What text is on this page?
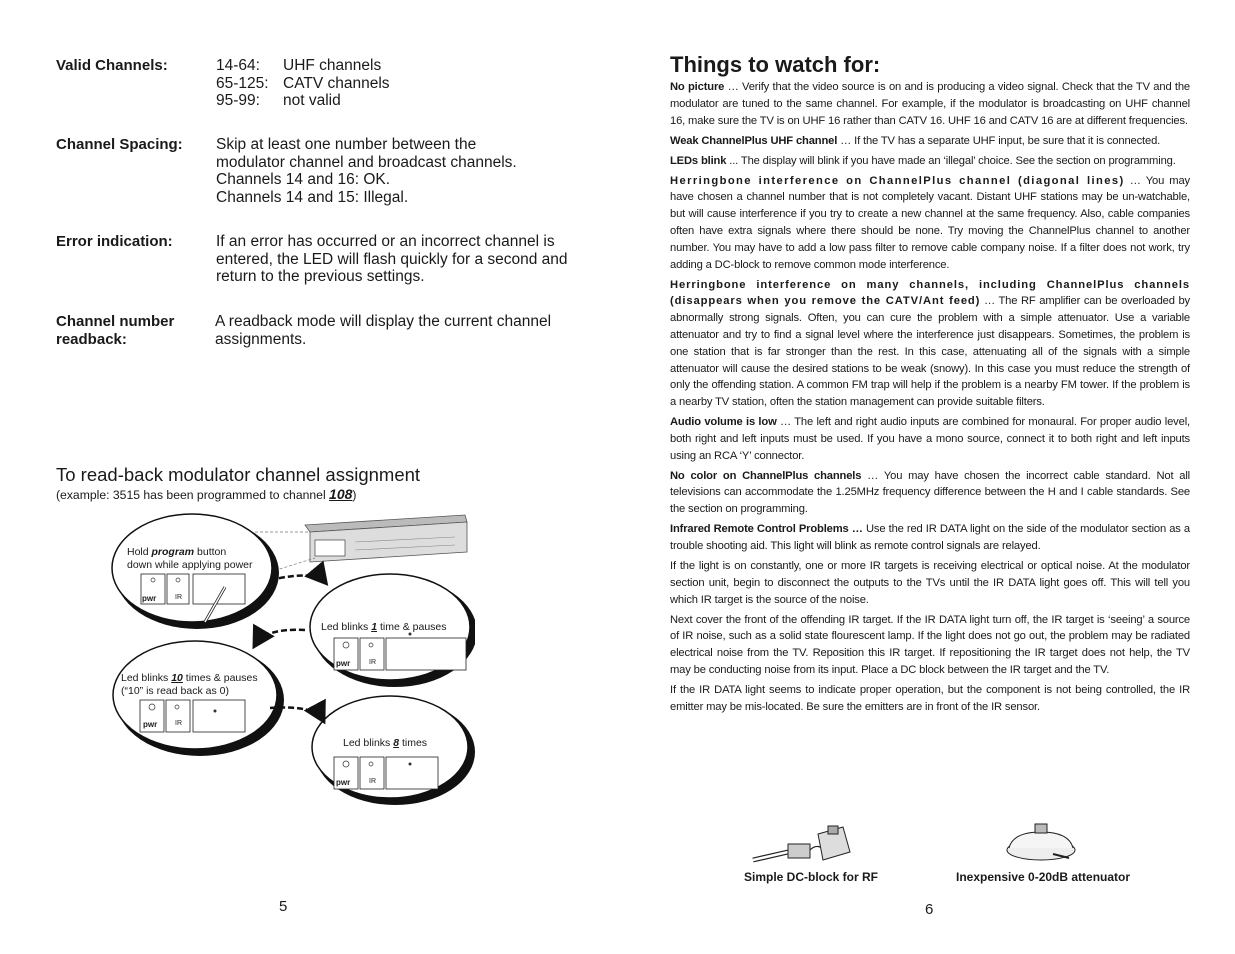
Valid Channels:	14-64:	UHF channels
65-125: CATV channels
95-99:	not valid
Channel Spacing: Skip at least one number between the
modulator channel and broadcast channels.
Channels 14 and 16: OK.
Channels 14 and 15: Illegal.
Error indication:	If an error has occurred or an incorrect channel is
entered, the LED will flash quickly for a second and
return to the previous settings.
Channel number
readback:
A readback mode will display the current channel
assignments.
To read-back modulator channel assignment
(example: 3515 has been programmed to channel 108)
Hold program button
down while applying power
Led blinks 1 time & pauses
Led blinks 10 times & pauses
(“10” is read back as 0)
Led blinks 8 times
pwr	IR
pwr	IR
pwr	IR
pwr	IR
5
Things to watch for:

No picture … Verify that the video source is on and is producing a video signal. Check that the TV and the modulator are tuned to the same channel. For example, if the modulator is broadcasting on UHF channel 16, make sure the TV is on UHF 16 rather than CATV 16. UHF 16 and CATV 16 are at different frequencies.

Weak ChannelPlus UHF channel … If the TV has a separate UHF input, be sure that it is connected.

LEDs blink ... The display will blink if you have made an ‘illegal’ choice. See the section on programming.

Herringbone interference on ChannelPlus channel (diagonal lines) … You may have chosen a channel number that is not completely vacant. Distant UHF stations may be un-watchable, but will cause interference if you try to create a new channel at the same frequency. Also, cable companies often have extra signals where there should be none. Try moving the ChannelPlus channel to another number. You may have to add a low pass filter to remove cable company noise. If a filter does not work, try adding a DC-block to remove common mode interference.

Herringbone interference on many channels, including ChannelPlus channels (disappears when you remove the CATV/Ant feed) … The RF amplifier can be overloaded by abnormally strong signals. Often, you can cure the problem with a simple attenuator. Use a variable attenuator and try to find a signal level where the interference just disappears. Sometimes, the problem is one station that is far stronger than the rest. In this case, attenuating all of the signals with a simple attenuator will cause the desired stations to be weak (snowy). In this case you must reduce the strength of only the offending station. A common FM trap will help if the problem is a nearby FM tower. If the problem is a nearby TV station, often the station management can provide suitable filters.

Audio volume is low … The left and right audio inputs are combined for monaural. For proper audio level, both right and left inputs must be used. If you have a mono source, connect it to both right and left inputs using an RCA ‘Y’ connector.

No color on ChannelPlus channels … You may have chosen the incorrect cable standard. Not all televisions can accommodate the 1.25MHz frequency difference between the H and I cable standards. See the section on programming.

Infrared Remote Control Problems … Use the red IR DATA light on the side of the modulator section as a trouble shooting aid. This light will blink as remote control signals are relayed.

If the light is on constantly, one or more IR targets is receiving electrical or optical noise. At the modulator section unit, begin to disconnect the outputs to the TVs until the IR DATA light goes off. This will tell you which IR target is the source of the noise.

Next cover the front of the offending IR target. If the IR DATA light turn off, the IR target is ‘seeing’ a source of IR noise, such as a solid state flourescent lamp. If the light does not go out, the problem may be radiated electrical noise from the TV. Reposition this IR target. If repositioning the IR target does not help, the TV may be conducting noise from its input. Place a DC block between the IR target and the TV.

If the IR DATA light seems to indicate proper operation, but the component is not being controlled, the IR emitter may be mis-located. Be sure the emitters are in front of the IR sensor.

Simple DC-block for RF	Inexpensive 0-20dB attenuator
6
